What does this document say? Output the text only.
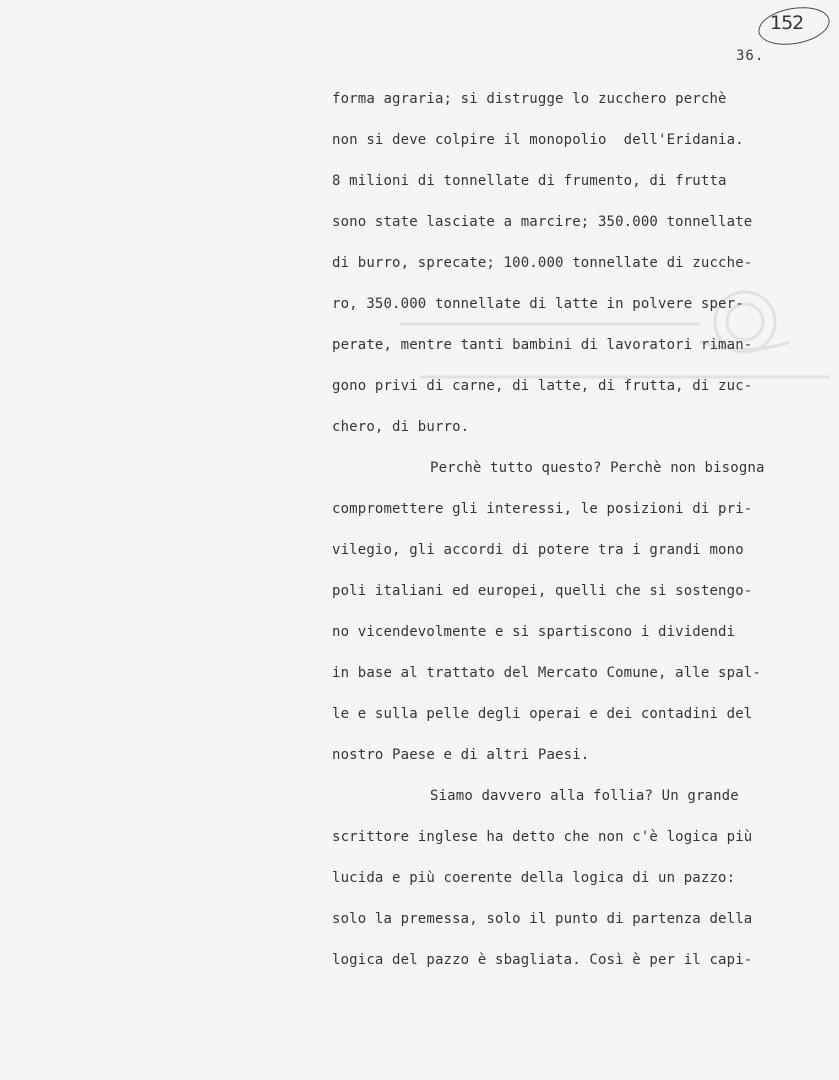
152
36.
forma agraria; si distrugge lo zucchero perchè
non si deve colpire il monopolio  dell'Eridania.
8 milioni di tonnellate di frumento, di frutta
sono state lasciate a marcire; 350.000 tonnellate
di burro, sprecate; 100.000 tonnellate di zucche-
ro, 350.000 tonnellate di latte in polvere sper-
perate, mentre tanti bambini di lavoratori riman-
gono privi di carne, di latte, di frutta, di zuc-
chero, di burro.
Perchè tutto questo? Perchè non bisogna
compromettere gli interessi, le posizioni di pri-
vilegio, gli accordi di potere tra i grandi mono
poli italiani ed europei, quelli che si sostengo-
no vicendevolmente e si spartiscono i dividendi
in base al trattato del Mercato Comune, alle spal-
le e sulla pelle degli operai e dei contadini del
nostro Paese e di altri Paesi.
Siamo davvero alla follia? Un grande
scrittore inglese ha detto che non c'è logica più
lucida e più coerente della logica di un pazzo:
solo la premessa, solo il punto di partenza della
logica del pazzo è sbagliata. Così è per il capi-
